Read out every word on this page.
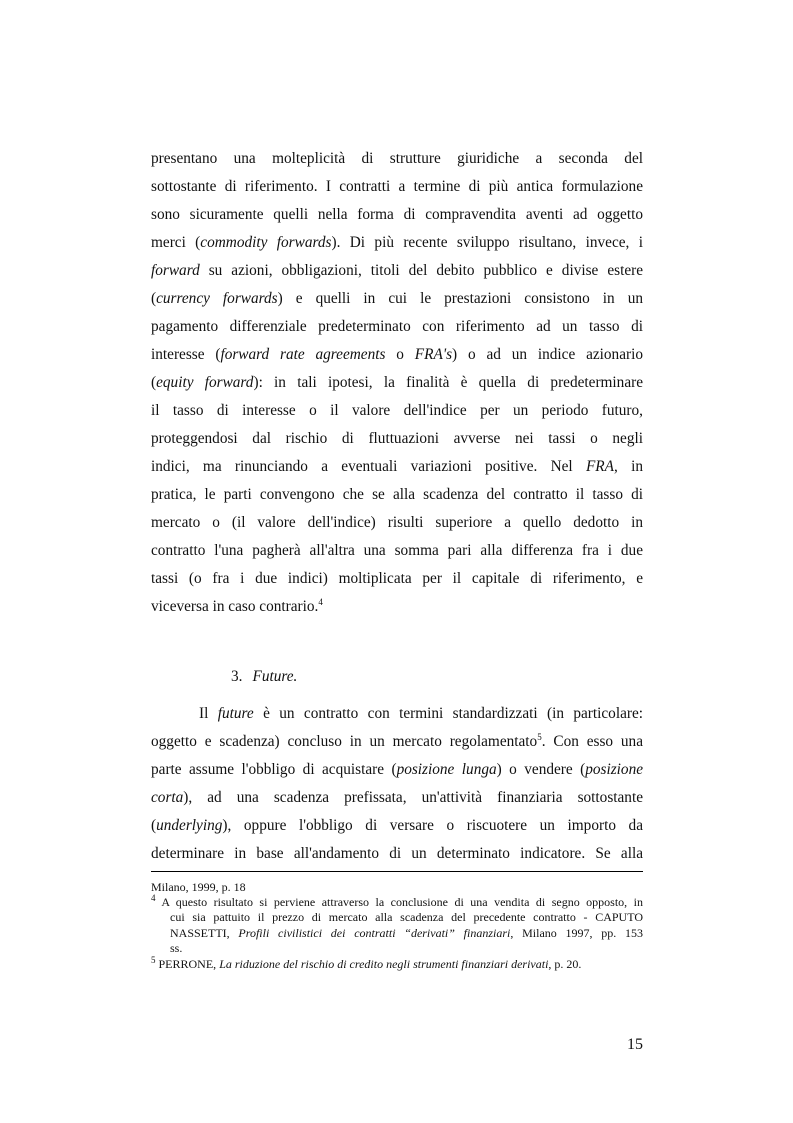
presentano una molteplicità di strutture giuridiche a seconda del
sottostante di riferimento. I contratti a termine di più antica formulazione
sono sicuramente quelli nella forma di compravendita aventi ad oggetto
merci (commodity forwards). Di più recente sviluppo risultano, invece, i
forward su azioni, obbligazioni, titoli del debito pubblico e divise estere
(currency forwards) e quelli in cui le prestazioni consistono in un
pagamento differenziale predeterminato con riferimento ad un tasso di
interesse (forward rate agreements o FRA's) o ad un indice azionario
(equity forward): in tali ipotesi, la finalità è quella di predeterminare
il tasso di interesse o il valore dell'indice per un periodo futuro,
proteggendosi dal rischio di fluttuazioni avverse nei tassi o negli
indici, ma rinunciando a eventuali variazioni positive. Nel FRA, in
pratica, le parti convengono che se alla scadenza del contratto il tasso di
mercato o (il valore dell'indice) risulti superiore a quello dedotto in
contratto l'una pagherà all'altra una somma pari alla differenza fra i due
tassi (o fra i due indici) moltiplicata per il capitale di riferimento, e
viceversa in caso contrario.$^4$
3. Future.
Il future è un contratto con termini standardizzati (in particolare:
oggetto e scadenza) concluso in un mercato regolamentato$^5$. Con esso una
parte assume l'obbligo di acquistare (posizione lunga) o vendere (posizione
corta), ad una scadenza prefissata, un'attività finanziaria sottostante
(underlying), oppure l'obbligo di versare o riscuotere un importo da
determinare in base all'andamento di un determinato indicatore. Se alla
Milano, 1999, p. 18
$^4$ A questo risultato si perviene attraverso la conclusione di una vendita di segno opposto, in
cui sia pattuito il prezzo di mercato alla scadenza del precedente contratto - CAPUTO
NASSETTI, Profili civilistici dei contratti “derivati” finanziari, Milano 1997, pp. 153
ss.
$^5$ PERRONE, La riduzione del rischio di credito negli strumenti finanziari derivati, p. 20.
15
